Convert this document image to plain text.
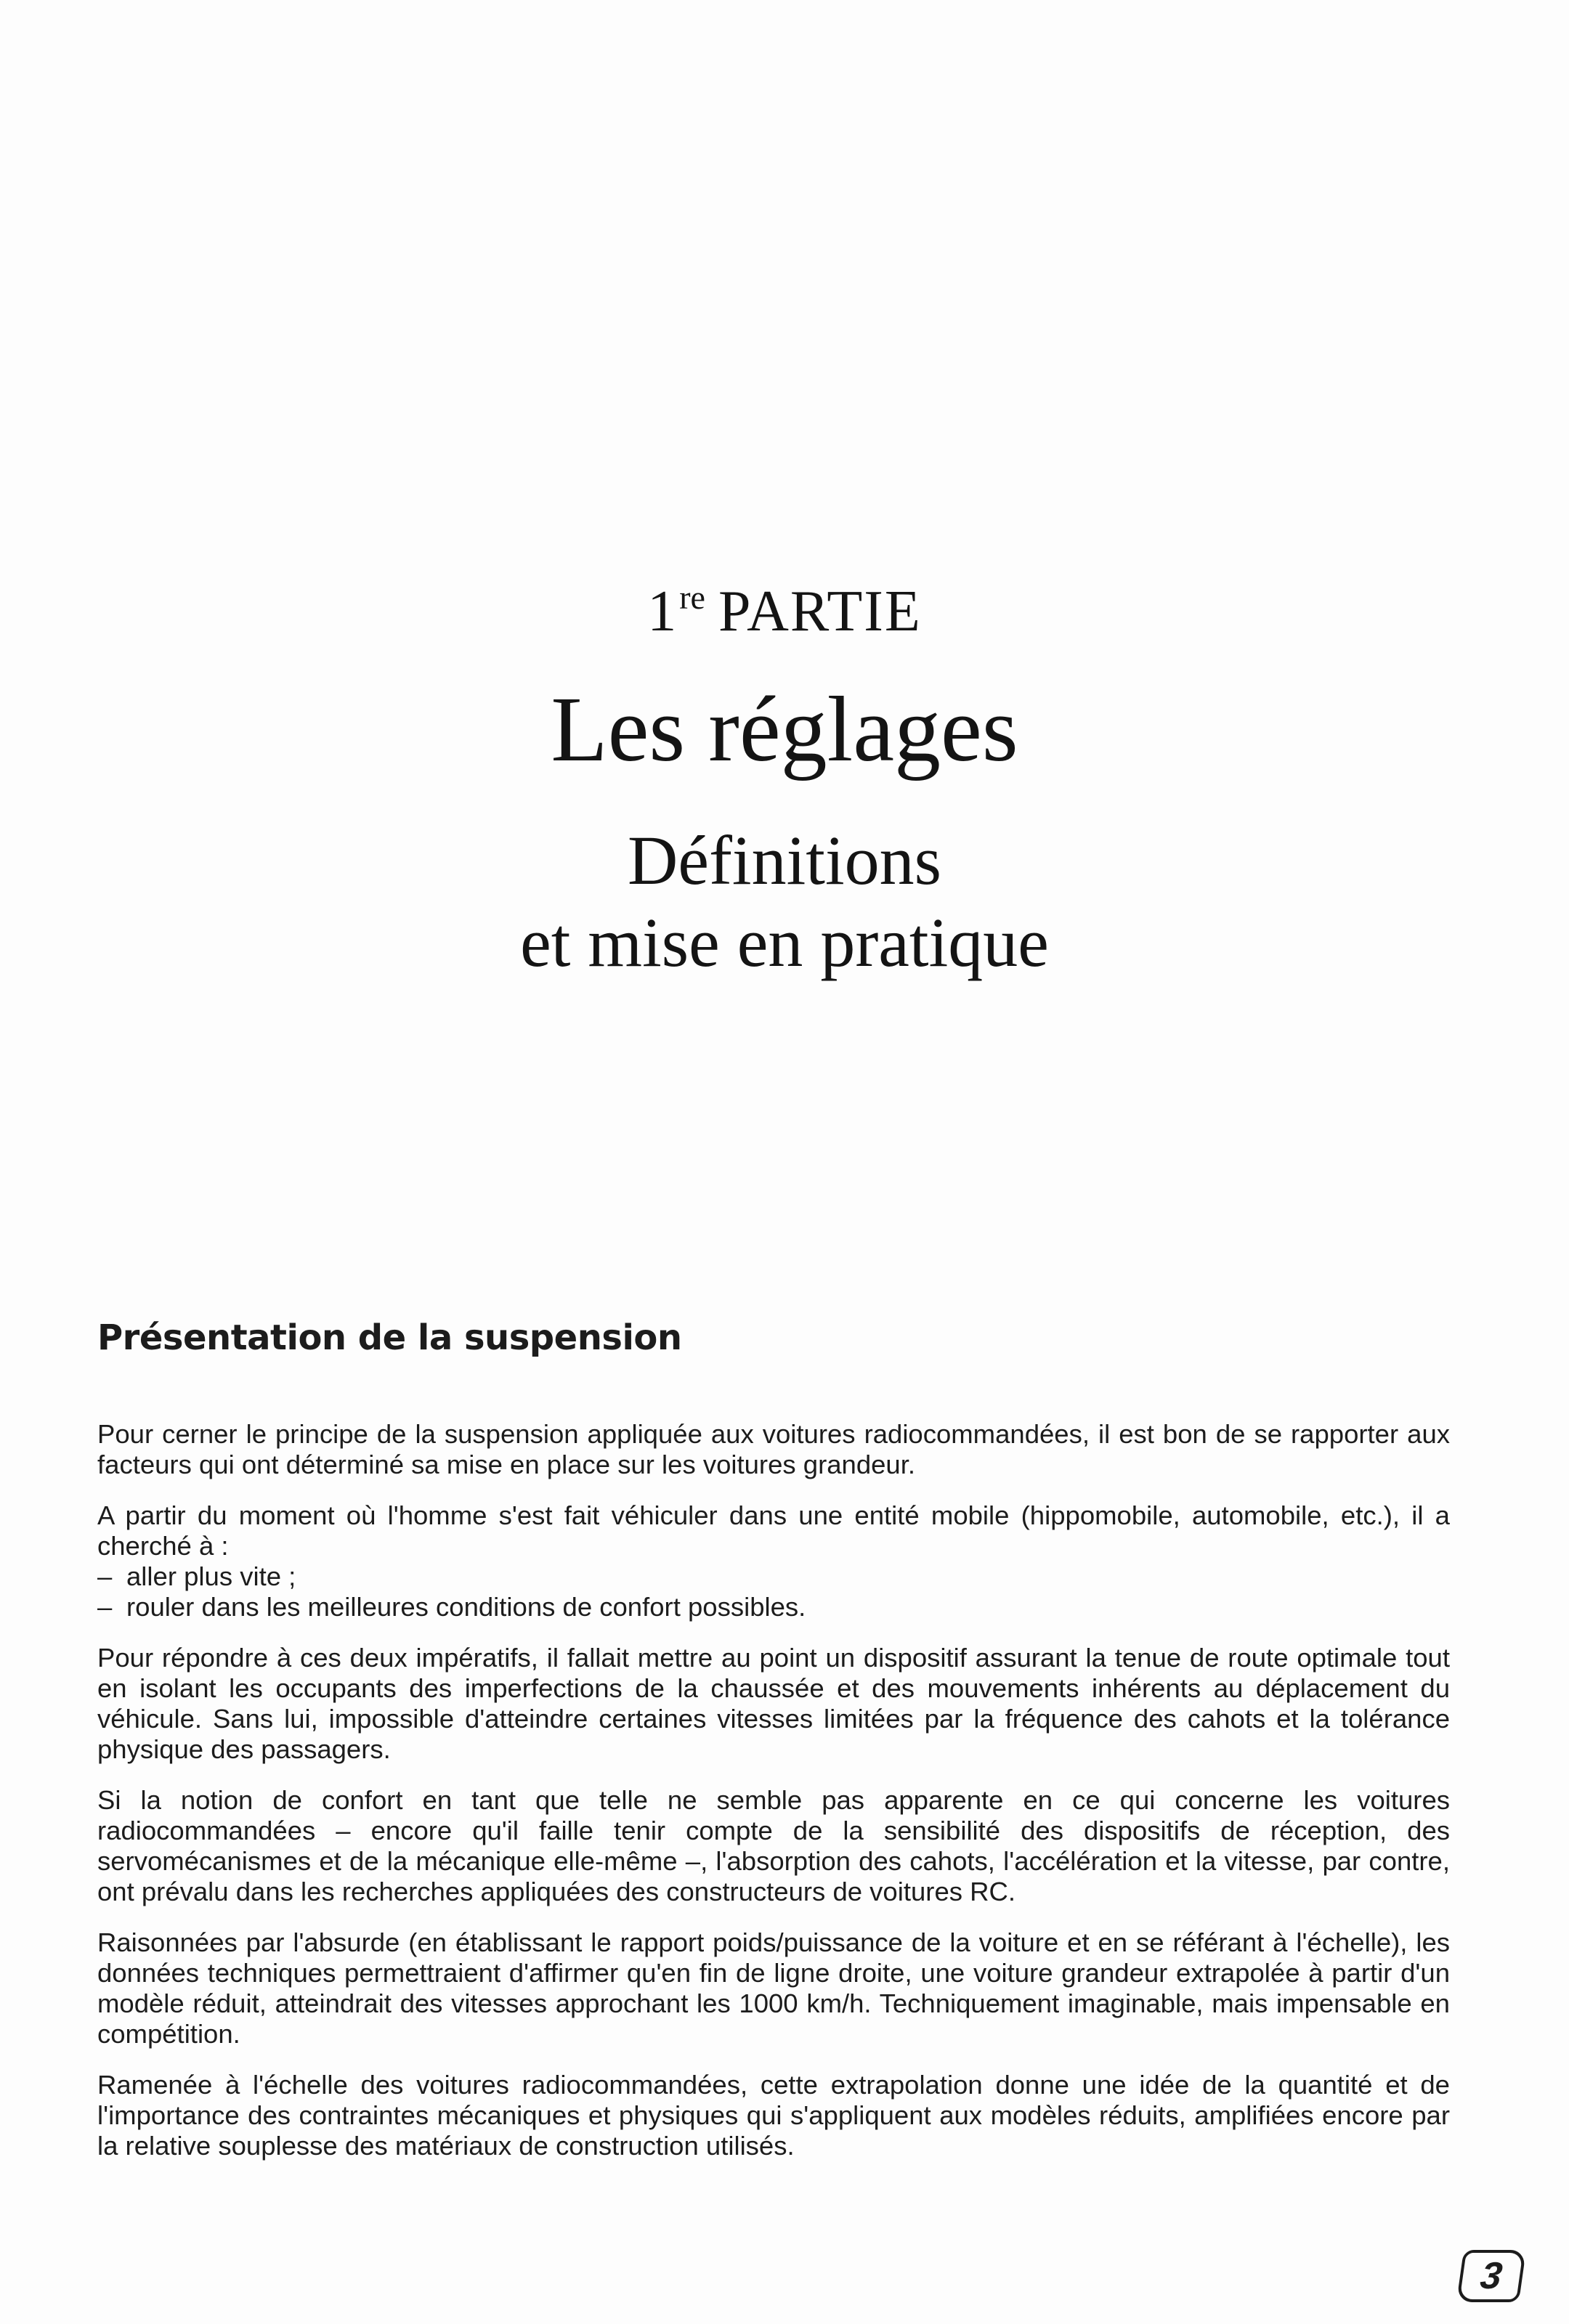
1re PARTIE
Les réglages
Définitions
et mise en pratique
Présentation de la suspension

Pour cerner le principe de la suspension appliquée aux voitures radiocommandées, il est bon de se rapporter aux facteurs qui ont déterminé sa mise en place sur les voitures grandeur.

A partir du moment où l'homme s'est fait véhiculer dans une entité mobile (hippomobile, automobile, etc.), il a cherché à :
– aller plus vite ;
– rouler dans les meilleures conditions de confort possibles.

Pour répondre à ces deux impératifs, il fallait mettre au point un dispositif assurant la tenue de route optimale tout en isolant les occupants des imperfections de la chaussée et des mouvements inhérents au déplacement du véhicule. Sans lui, impossible d'atteindre certaines vitesses limitées par la fréquence des cahots et la tolérance physique des passagers.

Si la notion de confort en tant que telle ne semble pas apparente en ce qui concerne les voitures radiocommandées – encore qu'il faille tenir compte de la sensibilité des dispositifs de réception, des servomécanismes et de la mécanique elle-même –, l'absorption des cahots, l'accélération et la vitesse, par contre, ont prévalu dans les recherches appliquées des constructeurs de voitures RC.

Raisonnées par l'absurde (en établissant le rapport poids/puissance de la voiture et en se référant à l'échelle), les données techniques permettraient d'affirmer qu'en fin de ligne droite, une voiture grandeur extrapolée à partir d'un modèle réduit, atteindrait des vitesses approchant les 1000 km/h. Techniquement imaginable, mais impensable en compétition.

Ramenée à l'échelle des voitures radiocommandées, cette extrapolation donne une idée de la quantité et de l'importance des contraintes mécaniques et physiques qui s'appliquent aux modèles réduits, amplifiées encore par la relative souplesse des matériaux de construction utilisés.

3
